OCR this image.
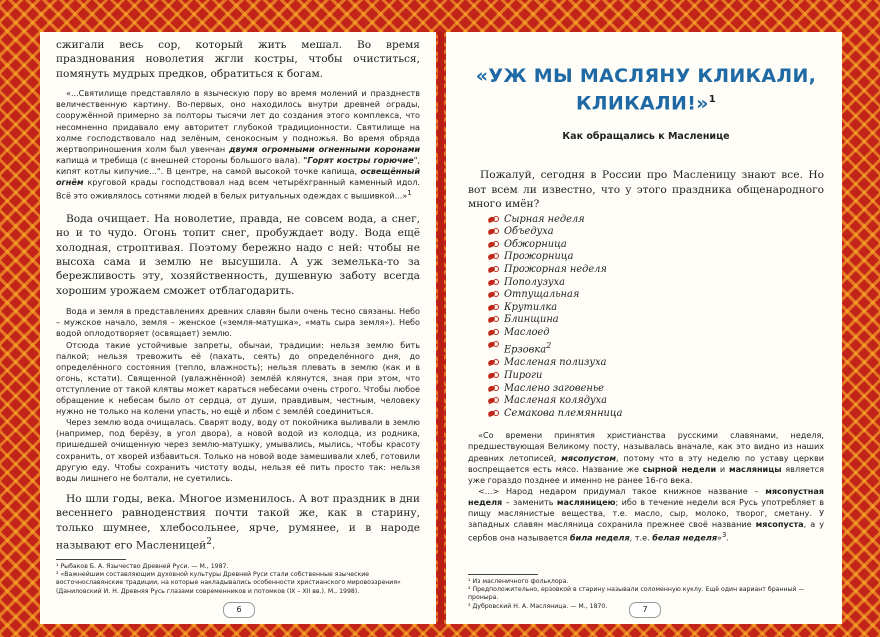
сжигали весь сор, который жить мешал. Во время празднования новолетия жгли костры, чтобы очиститься, помянуть мудрых предков, обратиться к богам.

«...Святилище представляло в языческую пору во время молений и празднеств величественную картину. Во-первых, оно находилось внутри древней ограды, сооружённой примерно за полторы тысячи лет до создания этого комплекса, что несомненно придавало ему авторитет глубокой традиционности. Святилище на холме господствовало над зелёным, сенокосным у подножья. Во время обряда жертвоприношения холм был увенчан двумя огромными огненными коронами капища и требища (с внешней стороны большого вала). "Горят костры горючие", кипят котлы кипучие...". В центре, на самой высокой точке капища, освещённый огнём круговой крады господствовал над всем четырёхгранный каменный идол. Всё это оживлялось сотнями людей в белых ритуальных одеждах с вышивкой...»$^1$

Вода очищает. На новолетие, правда, не совсем вода, а снег, но и то чудо. Огонь топит снег, пробуждает воду. Вода ещё холодная, строптивая. Поэтому бережно надо с ней: чтобы не высоха сама и землю не высушила. А уж земелька-то за бережливость эту, хозяйственность, душевную заботу всегда хорошим урожаем сможет отблагодарить.

Вода и земля в представлениях древних славян были очень тесно связаны. Небо – мужское начало, земля – женское («земля-матушка», «мать сыра земля»). Небо водой оплодотворяет (освящает) землю.

Отсюда такие устойчивые запреты, обычаи, традиции: нельзя землю бить палкой; нельзя тревожить её (пахать, сеять) до определённого дня, до определённого состояния (тепло, влажность); нельзя плевать в землю (как и в огонь, кстати). Священной (увлажнённой) землёй клянутся, зная при этом, что отступление от такой клятвы может караться небесами очень строго. Чтобы любое обращение к небесам было от сердца, от души, правдивым, честным, человеку нужно не только на колени упасть, но ещё и лбом с землёй соединиться.

Через землю вода очищалась. Сварят воду, воду от покойника выливали в землю (например, под берёзу, в угол двора), а новой водой из колодца, из родника, пришедшей очищенную через землю-матушку, умывались, мылись, чтобы красоту сохранить, от хворей избавиться. Только на новой воде замешивали хлеб, готовили другую еду. Чтобы сохранить чистоту воды, нельзя её пить просто так: нельзя воды лишнего не болтали, не суетились.

Но шли годы, века. Многое изменилось. А вот праздник в дни весеннего равноденствия почти такой же, как в старину, только шумнее, хлебосольнее, ярче, румянее, и в народе называют его Масленицей$^2$.

¹ Рыбаков Б. А. Язычество Древней Руси. — М., 1987.

² «Важнейшим составляющим духовной культуры Древней Руси стали собственные языческие восточнославянские традиции, на которые накладывались особенности христианского мировоззрения» (Даниловский И. Н. Древняя Русь глазами современников и потомков (IX – XII вв.). М., 1998).

6
«УЖ МЫ МАСЛЯНУ КЛИКАЛИ,
КЛИКАЛИ!»$^1$
Как обращались к Масленице

Пожалуй, сегодня в России про Масленицу знают все. Но вот всем ли известно, что у этого праздника общенародного много имён?

Сырная неделя
Объедуха
Обжорница
Прожорница
Прожорная неделя
Пополузуха
Отпущальная
Крутилка
Блинщина
Маслоед
Ерзовка$^2$
Масленая полизуха
Пироги
Маслено заговенье
Масленая колядуха
Семакова племянница

«Со времени принятия христианства русскими славянами, неделя, предшествующая Великому посту, называлась вначале, как это видно из наших древних летописей, мясопустом, потому что в эту неделю по уставу церкви воспрещается есть мясо. Название же сырной недели и масляницы является уже гораздо позднее и именно не ранее 16-го века.

<...> Народ недаром придумал такое книжное название – мясопустная неделя – заменить масляницею; ибо в течение недели вся Русь употребляет в пищу маслянистые вещества, т.е. масло, сыр, молоко, творог, сметану. У западных славян масляница сохранила прежнее своё название мясопуста, а у сербов она называется била неделя, т.е. белая неделя»$^3$.

¹ Из масленичного фольклора.

² Предположительно, ерзовкой в старину называли соломенную куклу. Ещё один вариант бранный — проныра.

³ Дубровский Н. А. Масляница. — М., 1870.	7
